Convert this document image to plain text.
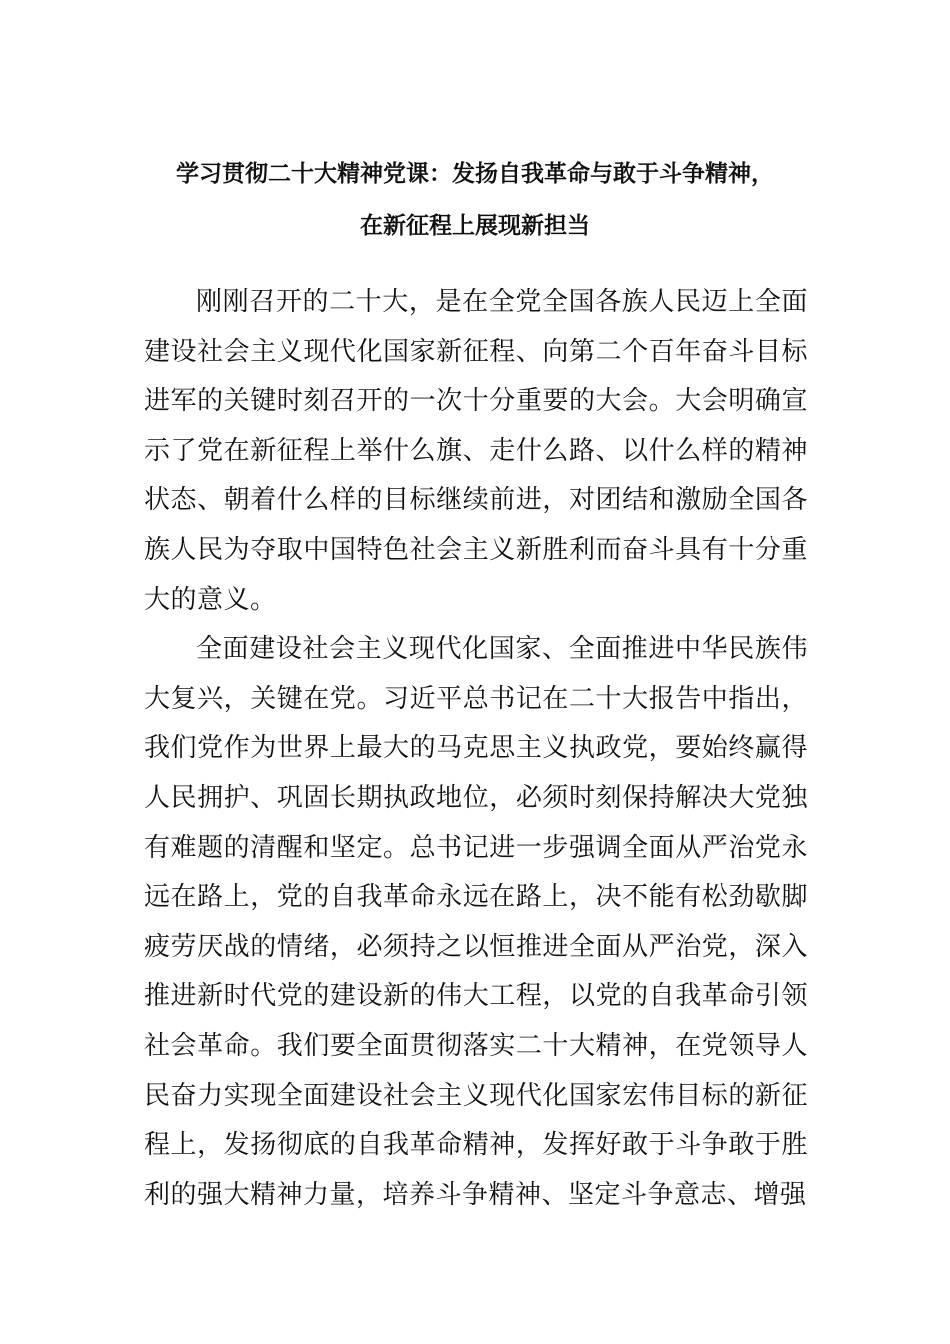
学习贯彻二十大精神党课：发扬自我革命与敢于斗争精神，
在新征程上展现新担当

刚刚召开的二十大，是在全党全国各族人民迈上全面建设社会主义现代化国家新征程、向第二个百年奋斗目标进军的关键时刻召开的一次十分重要的大会。大会明确宣示了党在新征程上举什么旗、走什么路、以什么样的精神状态、朝着什么样的目标继续前进，对团结和激励全国各族人民为夺取中国特色社会主义新胜利而奋斗具有十分重大的意义。

全面建设社会主义现代化国家、全面推进中华民族伟大复兴，关键在党。习近平总书记在二十大报告中指出，我们党作为世界上最大的马克思主义执政党，要始终赢得人民拥护、巩固长期执政地位，必须时刻保持解决大党独有难题的清醒和坚定。总书记进一步强调全面从严治党永远在路上，党的自我革命永远在路上，决不能有松劲歇脚疲劳厌战的情绪，必须持之以恒推进全面从严治党，深入推进新时代党的建设新的伟大工程，以党的自我革命引领社会革命。我们要全面贯彻落实二十大精神，在党领导人民奋力实现全面建设社会主义现代化国家宏伟目标的新征程上，发扬彻底的自我革命精神，发挥好敢于斗争敢于胜利的强大精神力量，培养斗争精神、坚定斗争意志、增强
